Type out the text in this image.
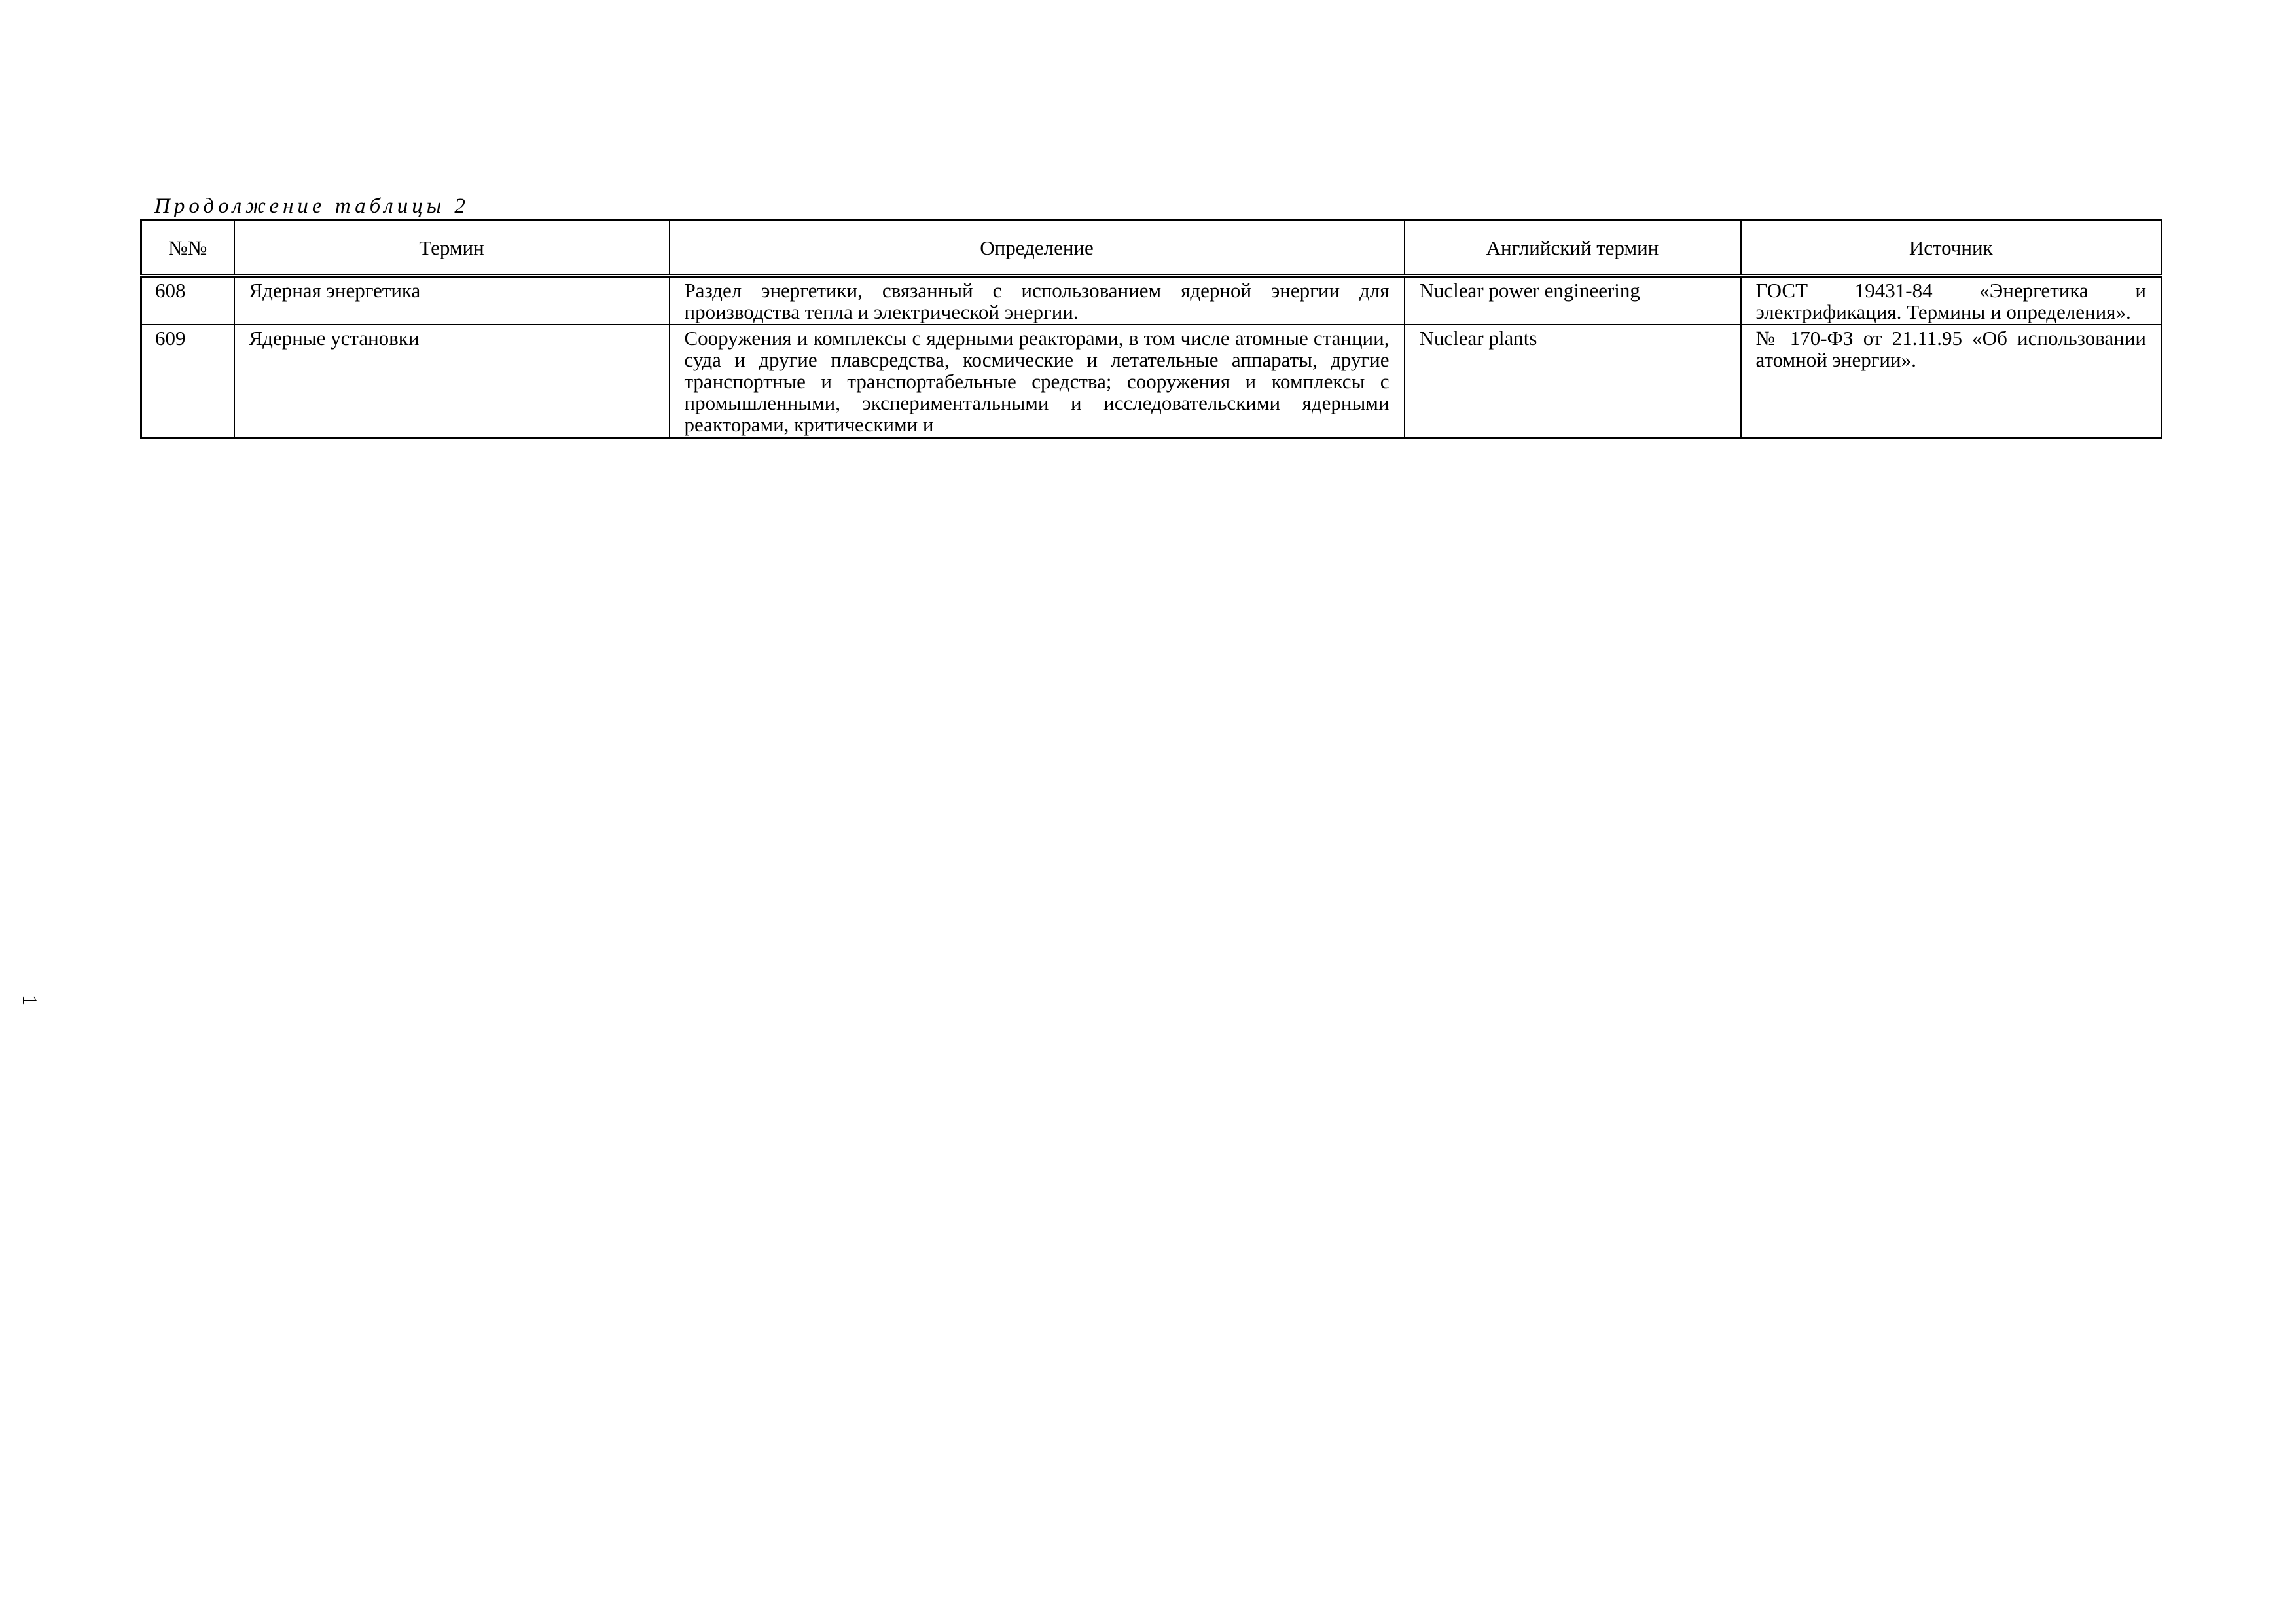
Продолжение таблицы 2
№№	Термин	Определение	Английский термин	Источник
608	Ядерная энергетика	Раздел энергетики, связанный с использованием ядерной энергии для производства тепла и электрической энергии.	Nuclear power engineering	ГОСТ 19431-84 «Энергетика и электрификация. Термины и определения».
609	Ядерные установки	Сооружения и комплексы с ядерными реакторами, в том числе атомные станции, суда и другие плавсредства, космические и летательные аппараты, другие транспортные и транспортабельные средства; сооружения и комплексы с промышленными, экспериментальными и исследовательскими ядерными реакторами, критическими и	Nuclear plants	№ 170-ФЗ от 21.11.95 «Об использовании атомной энергии».
1
